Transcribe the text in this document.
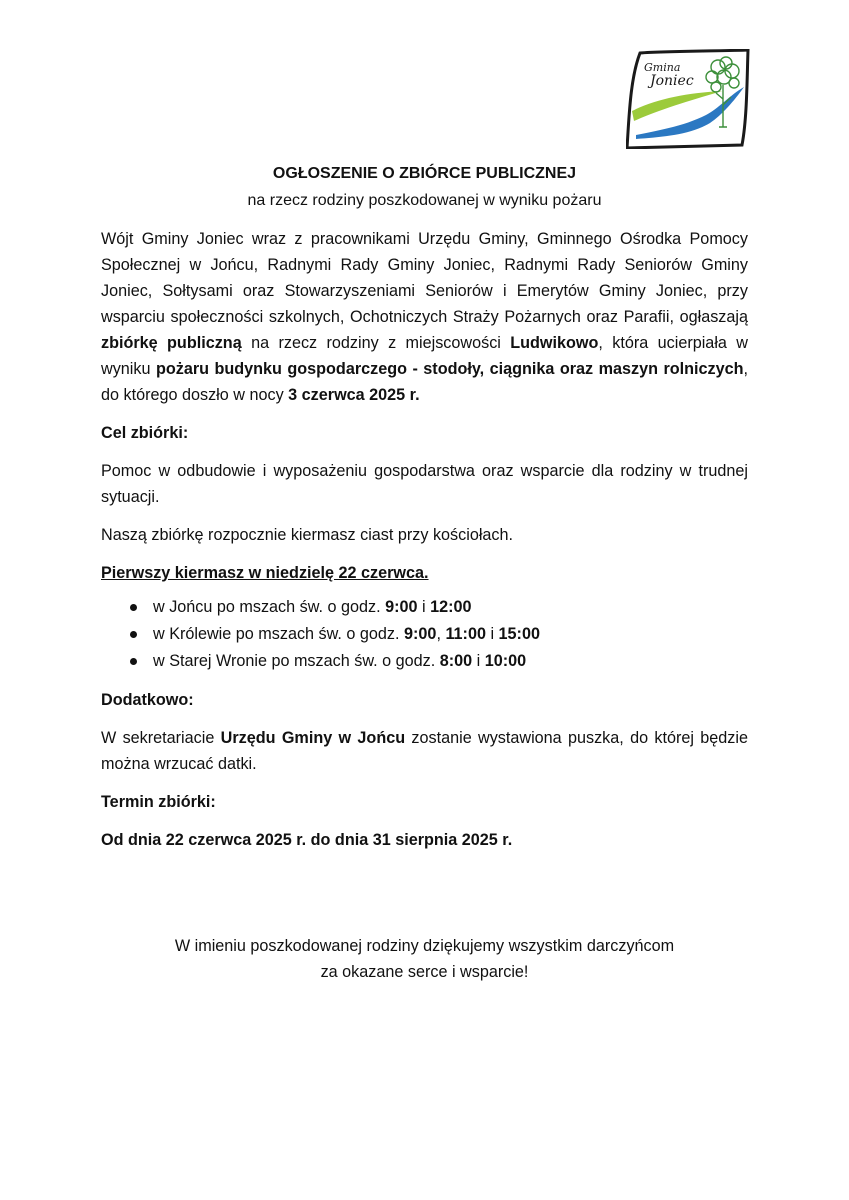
Gmina
Joniec
OGŁOSZENIE O ZBIÓRCE PUBLICZNEJ
na rzecz rodziny poszkodowanej w wyniku pożaru

Wójt Gminy Joniec wraz z pracownikami Urzędu Gminy, Gminnego Ośrodka Pomocy Społecznej w Jońcu, Radnymi Rady Gminy Joniec, Radnymi Rady Seniorów Gminy Joniec, Sołtysami oraz Stowarzyszeniami Seniorów i Emerytów Gminy Joniec, przy wsparciu społeczności szkolnych, Ochotniczych Straży Pożarnych oraz Parafii, ogłaszają zbiórkę publiczną na rzecz rodziny z miejscowości Ludwikowo, która ucierpiała w wyniku pożaru budynku gospodarczego - stodoły, ciągnika oraz maszyn rolniczych, do którego doszło w nocy 3 czerwca 2025 r.

Cel zbiórki:

Pomoc w odbudowie i wyposażeniu gospodarstwa oraz wsparcie dla rodziny w trudnej sytuacji.

Naszą zbiórkę rozpocznie kiermasz ciast przy kościołach.

Pierwszy kiermasz w niedzielę 22 czerwca.

w Jońcu po mszach św. o godz. 9:00 i 12:00
w Królewie po mszach św. o godz. 9:00, 11:00 i 15:00
w Starej Wronie po mszach św. o godz. 8:00 i 10:00

Dodatkowo:

W sekretariacie Urzędu Gminy w Jońcu zostanie wystawiona puszka, do której będzie można wrzucać datki.

Termin zbiórki:

Od dnia 22 czerwca 2025 r. do dnia 31 sierpnia 2025 r.

W imieniu poszkodowanej rodziny dziękujemy wszystkim darczyńcom

za okazane serce i wsparcie!
